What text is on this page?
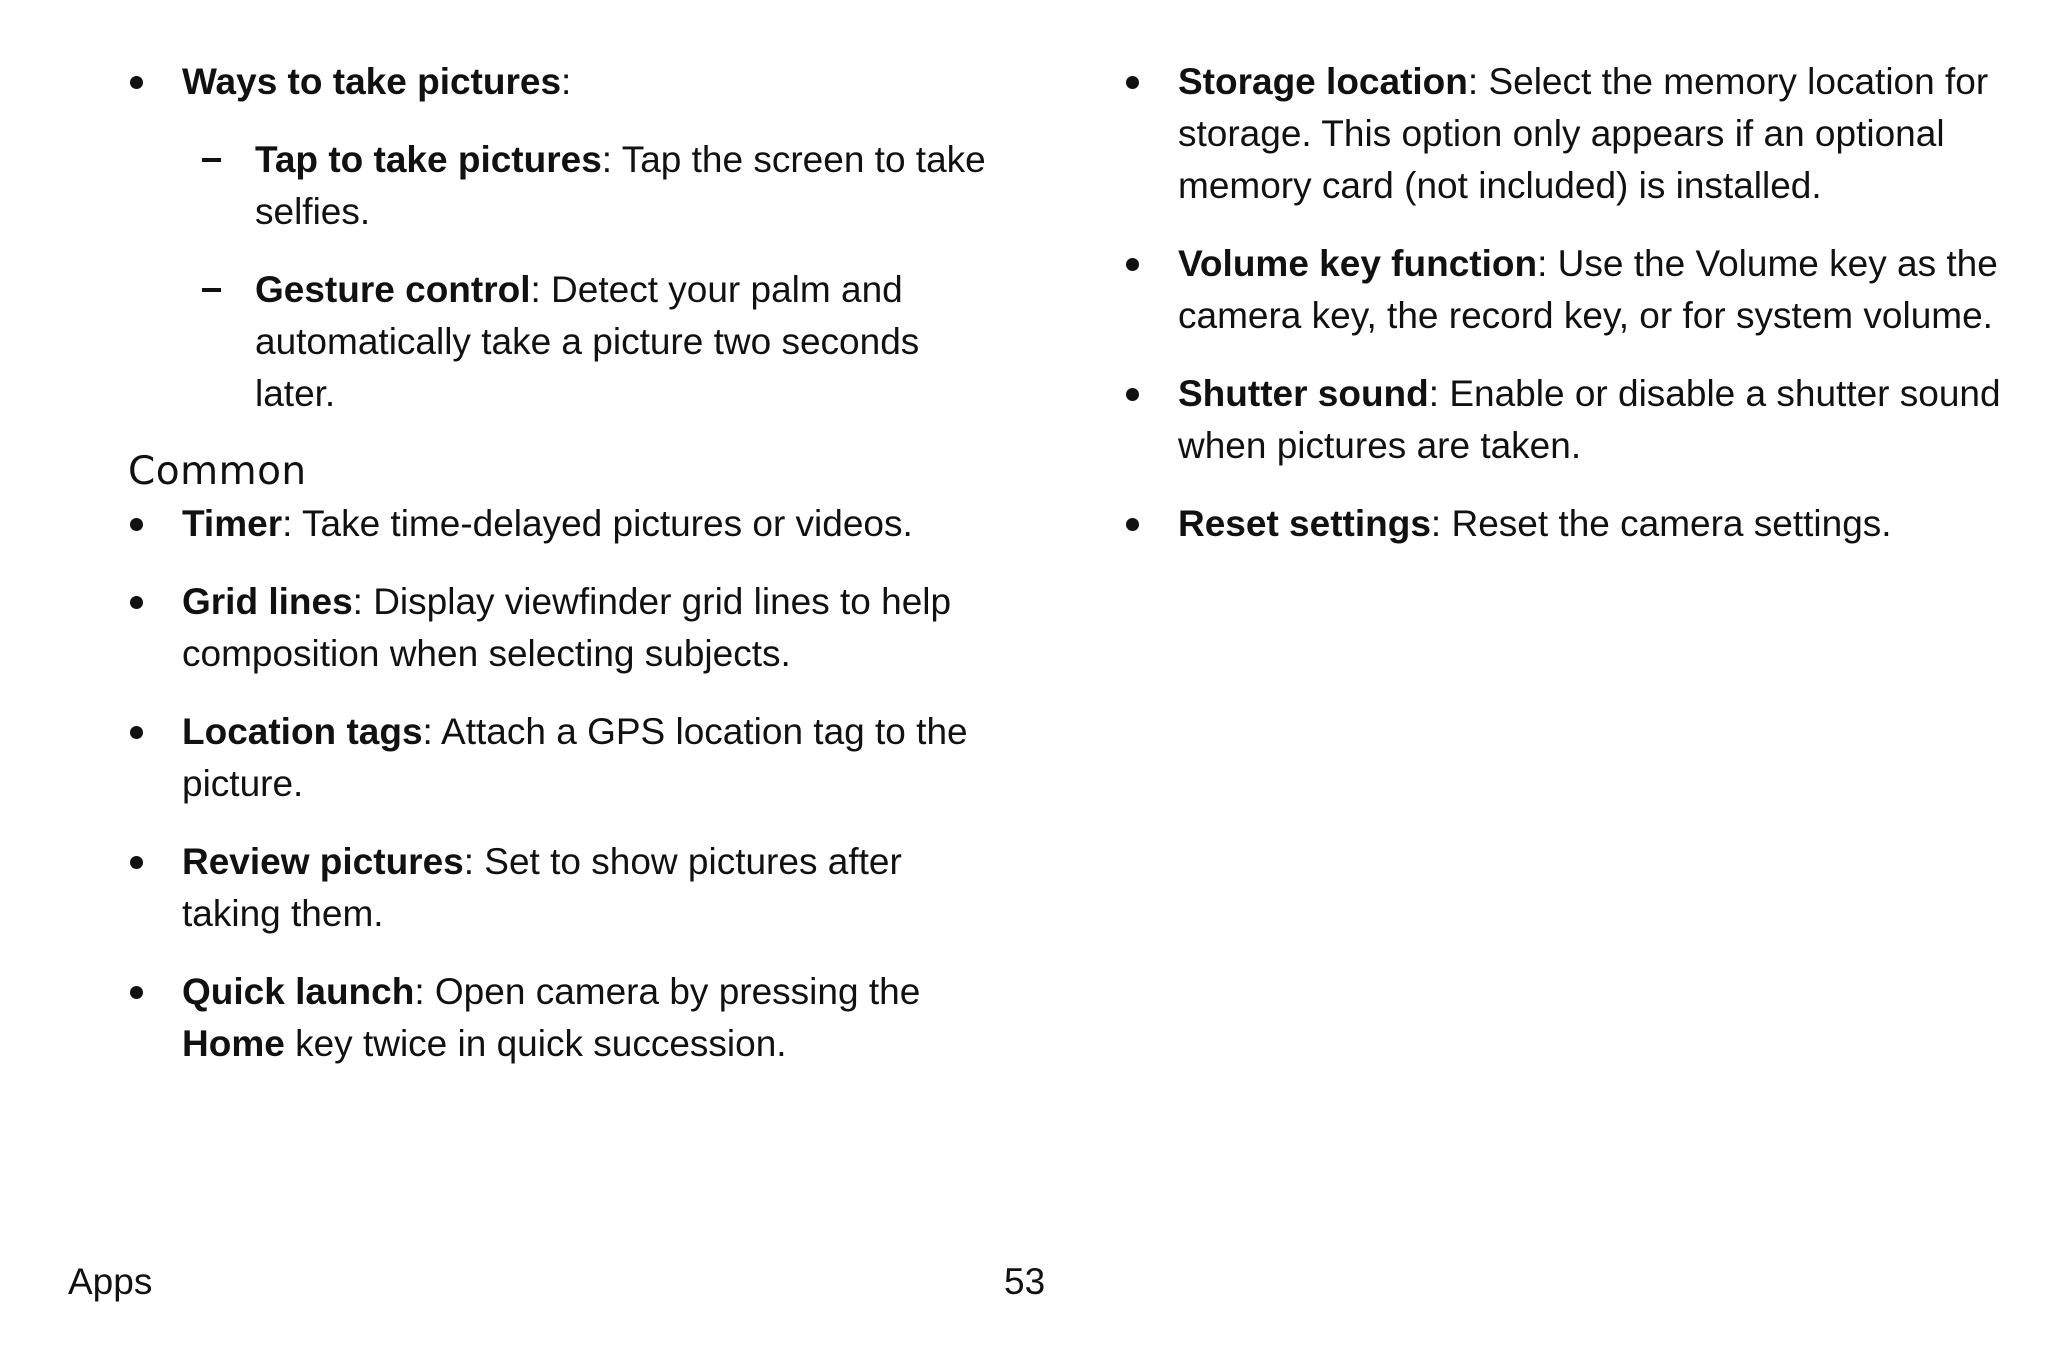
Ways to take pictures:
Tap to take pictures: Tap the screen to take selfies.
Gesture control: Detect your palm and automatically take a picture two seconds later.
Common
Timer: Take time-delayed pictures or videos.
Grid lines: Display viewfinder grid lines to help composition when selecting subjects.
Location tags: Attach a GPS location tag to the picture.
Review pictures: Set to show pictures after taking them.
Quick launch: Open camera by pressing the Home key twice in quick succession.
Storage location: Select the memory location for storage. This option only appears if an optional memory card (not included) is installed.
Volume key function: Use the Volume key as the camera key, the record key, or for system volume.
Shutter sound: Enable or disable a shutter sound when pictures are taken.
Reset settings: Reset the camera settings.
Apps	53
